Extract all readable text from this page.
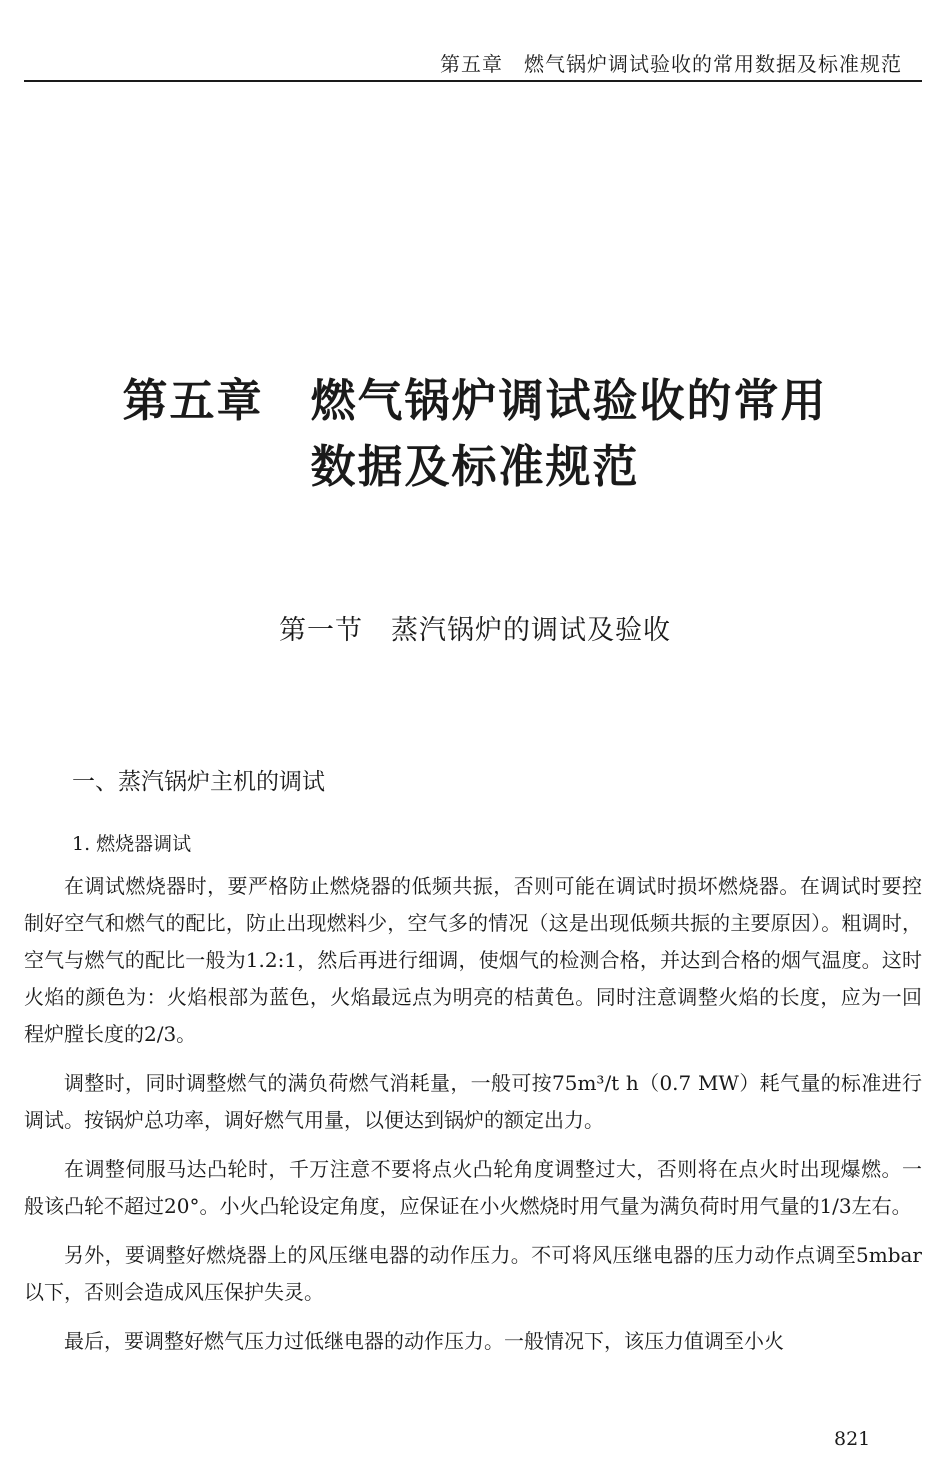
第五章　燃气锅炉调试验收的常用数据及标准规范
第五章　燃气锅炉调试验收的常用
数据及标准规范
第一节　蒸汽锅炉的调试及验收
一、蒸汽锅炉主机的调试
1. 燃烧器调试

在调试燃烧器时，要严格防止燃烧器的低频共振，否则可能在调试时损坏燃烧器。在调试时要控制好空气和燃气的配比，防止出现燃料少，空气多的情况（这是出现低频共振的主要原因）。粗调时，空气与燃气的配比一般为1.2:1，然后再进行细调，使烟气的检测合格，并达到合格的烟气温度。这时火焰的颜色为：火焰根部为蓝色，火焰最远点为明亮的桔黄色。同时注意调整火焰的长度，应为一回程炉膛长度的2/3。

调整时，同时调整燃气的满负荷燃气消耗量，一般可按75m³/t h（0.7 MW）耗气量的标准进行调试。按锅炉总功率，调好燃气用量，以便达到锅炉的额定出力。

在调整伺服马达凸轮时，千万注意不要将点火凸轮角度调整过大，否则将在点火时出现爆燃。一般该凸轮不超过20°。小火凸轮设定角度，应保证在小火燃烧时用气量为满负荷时用气量的1/3左右。

另外，要调整好燃烧器上的风压继电器的动作压力。不可将风压继电器的压力动作点调至5mbar以下，否则会造成风压保护失灵。

最后，要调整好燃气压力过低继电器的动作压力。一般情况下，该压力值调至小火

821
